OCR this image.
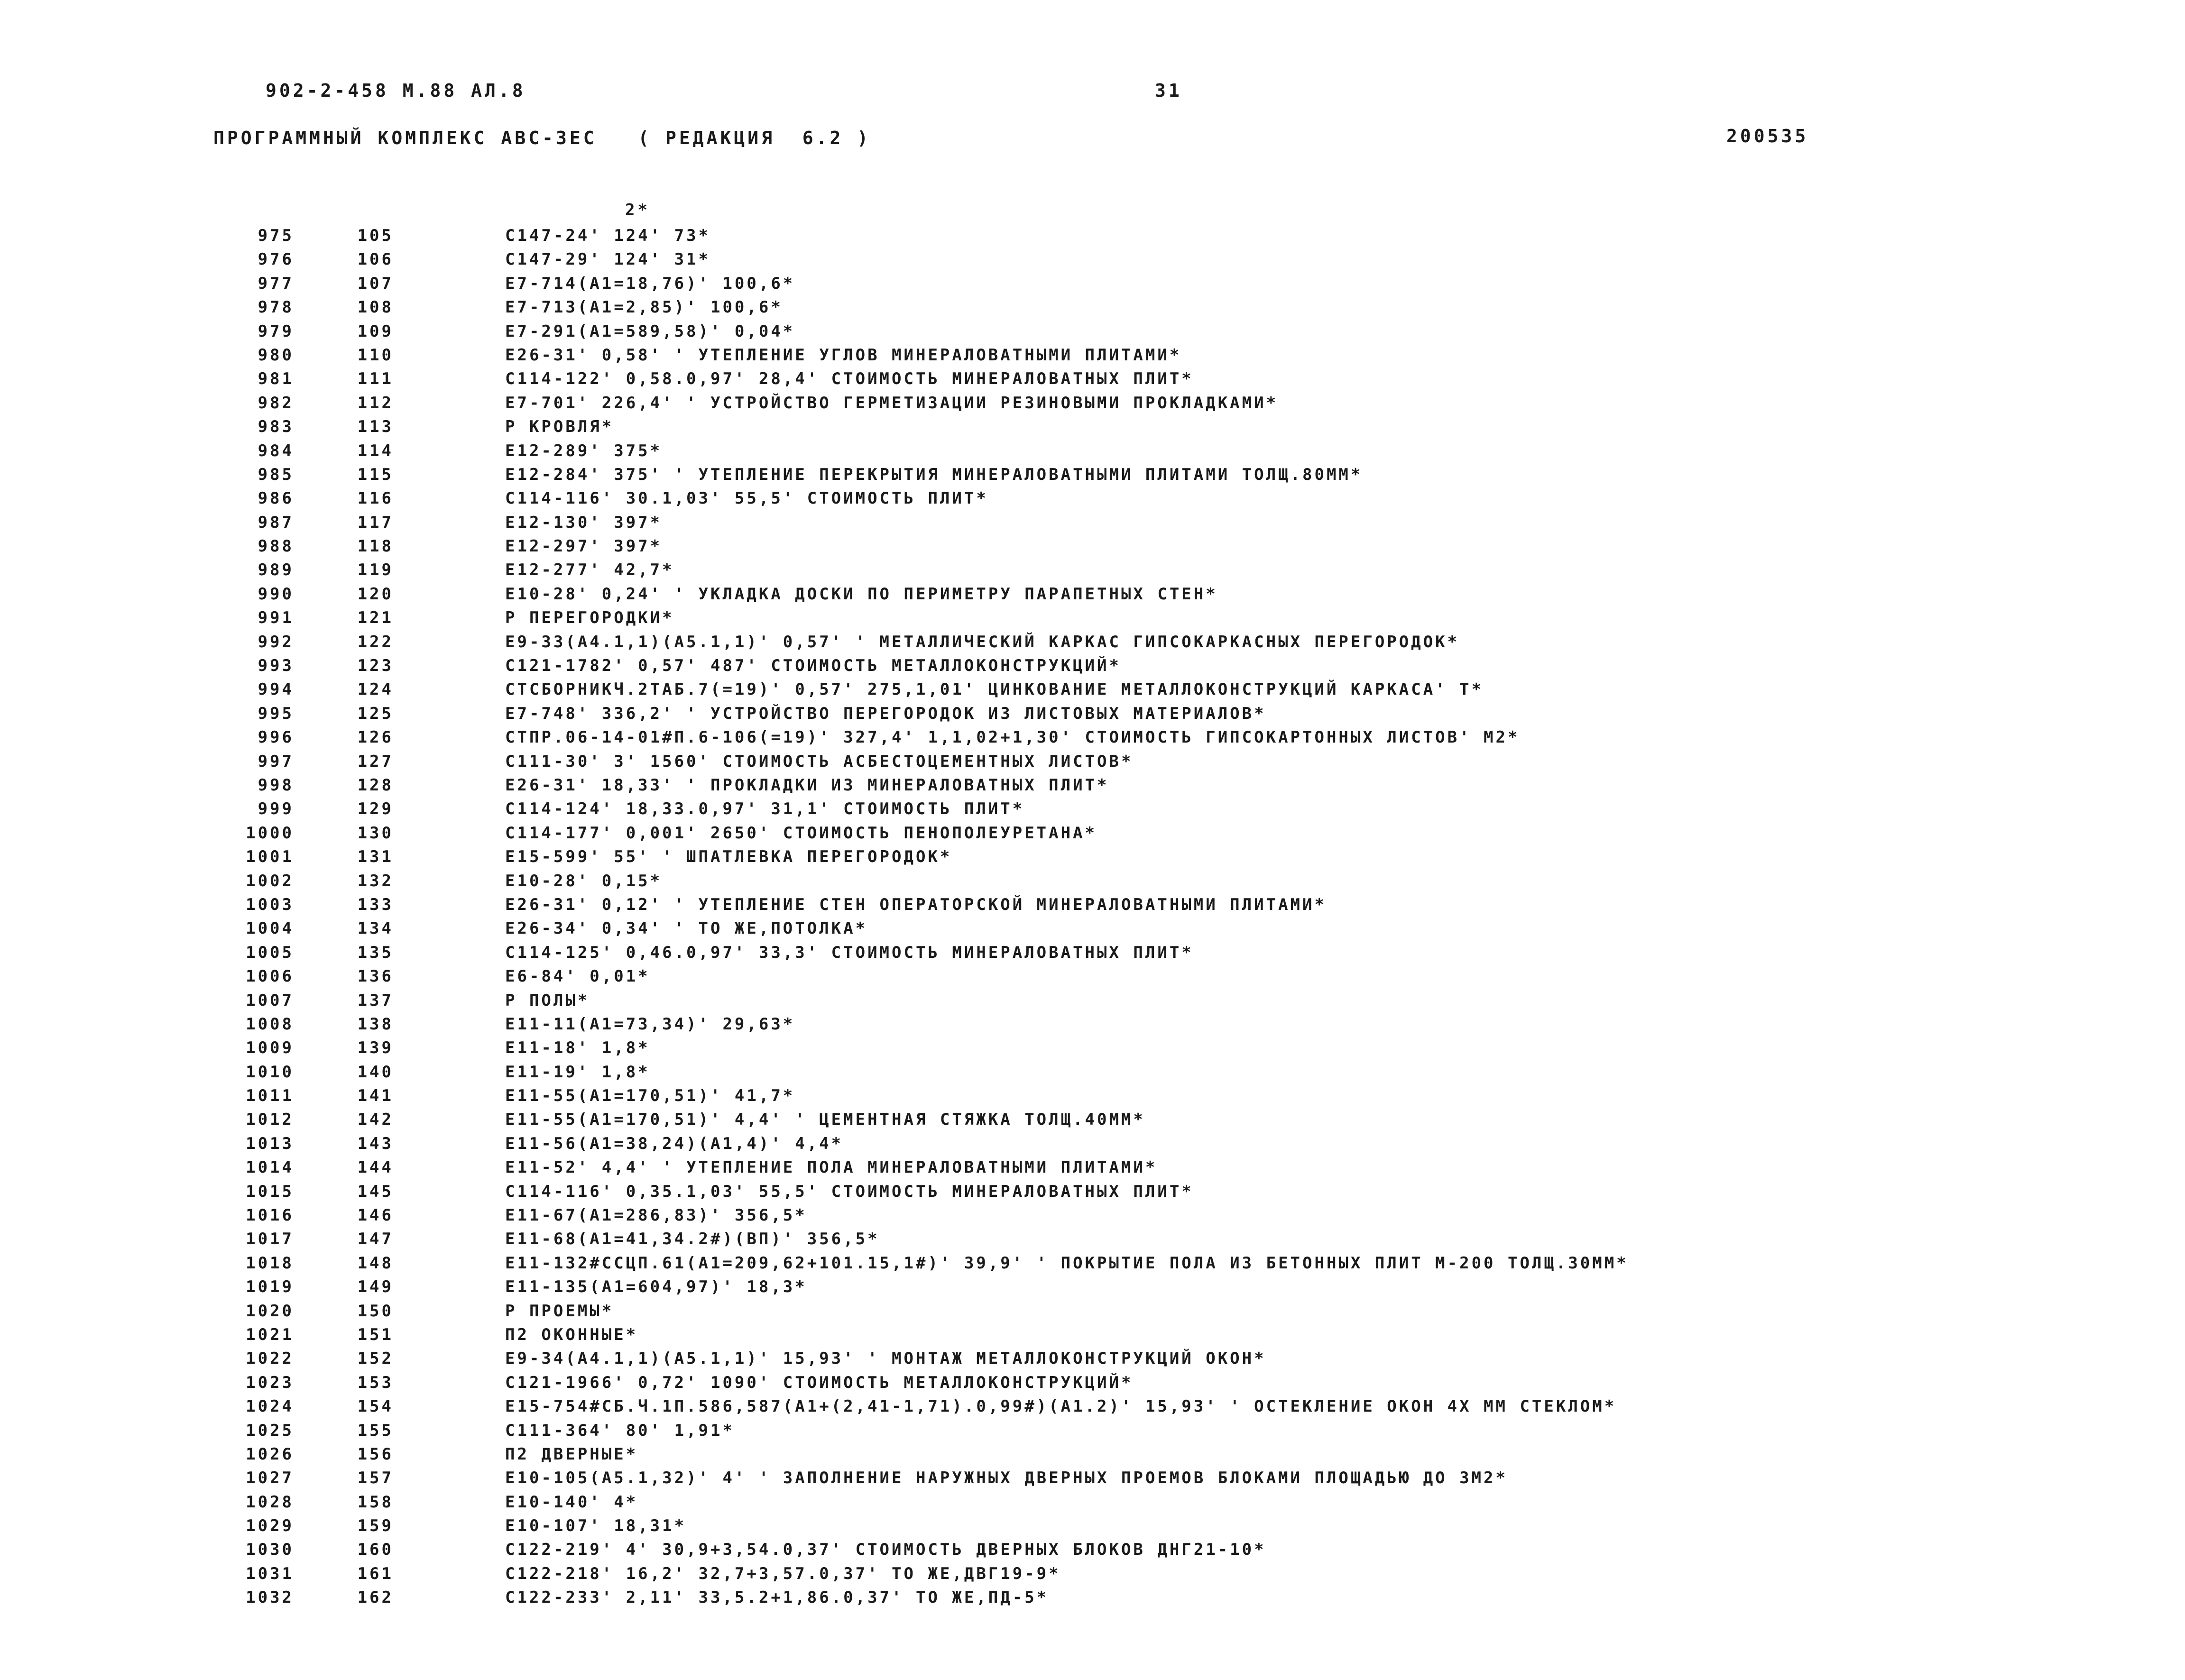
902-2-458 М.88 АЛ.8	31
ПРОГРАММНЫЙ КОМПЛЕКС АВС-3ЕС   ( РЕДАКЦИЯ  6.2 )	200535
2*
975	105	С147-24' 124' 73*
976	106	С147-29' 124' 31*
977	107	Е7-714(А1=18,76)' 100,6*
978	108	Е7-713(А1=2,85)' 100,6*
979	109	Е7-291(А1=589,58)' 0,04*
980	110	Е26-31' 0,58' ' УТЕПЛЕНИЕ УГЛОВ МИНЕРАЛОВАТНЫМИ ПЛИТАМИ*
981	111	С114-122' 0,58.0,97' 28,4' СТОИМОСТЬ МИНЕРАЛОВАТНЫХ ПЛИТ*
982	112	Е7-701' 226,4' ' УСТРОЙСТВО ГЕРМЕТИЗАЦИИ РЕЗИНОВЫМИ ПРОКЛАДКАМИ*
983	113	Р КРОВЛЯ*
984	114	Е12-289' 375*
985	115	Е12-284' 375' ' УТЕПЛЕНИЕ ПЕРЕКРЫТИЯ МИНЕРАЛОВАТНЫМИ ПЛИТАМИ ТОЛЩ.80ММ*
986	116	С114-116' 30.1,03' 55,5' СТОИМОСТЬ ПЛИТ*
987	117	Е12-130' 397*
988	118	Е12-297' 397*
989	119	Е12-277' 42,7*
990	120	Е10-28' 0,24' ' УКЛАДКА ДОСКИ ПО ПЕРИМЕТРУ ПАРАПЕТНЫХ СТЕН*
991	121	Р ПЕРЕГОРОДКИ*
992	122	Е9-33(А4.1,1)(А5.1,1)' 0,57' ' МЕТАЛЛИЧЕСКИЙ КАРКАС ГИПСОКАРКАСНЫХ ПЕРЕГОРОДОК*
993	123	С121-1782' 0,57' 487' СТОИМОСТЬ МЕТАЛЛОКОНСТРУКЦИЙ*
994	124	СТСБОРНИКЧ.2ТАБ.7(=19)' 0,57' 275,1,01' ЦИНКОВАНИЕ МЕТАЛЛОКОНСТРУКЦИЙ КАРКАСА' Т*
995	125	Е7-748' 336,2' ' УСТРОЙСТВО ПЕРЕГОРОДОК ИЗ ЛИСТОВЫХ МАТЕРИАЛОВ*
996	126	СТПР.06-14-01#П.6-106(=19)' 327,4' 1,1,02+1,30' СТОИМОСТЬ ГИПСОКАРТОННЫХ ЛИСТОВ' М2*
997	127	С111-30' 3' 1560' СТОИМОСТЬ АСБЕСТОЦЕМЕНТНЫХ ЛИСТОВ*
998	128	Е26-31' 18,33' ' ПРОКЛАДКИ ИЗ МИНЕРАЛОВАТНЫХ ПЛИТ*
999	129	С114-124' 18,33.0,97' 31,1' СТОИМОСТЬ ПЛИТ*
1000	130	С114-177' 0,001' 2650' СТОИМОСТЬ ПЕНОПОЛЕУРЕТАНА*
1001	131	Е15-599' 55' ' ШПАТЛЕВКА ПЕРЕГОРОДОК*
1002	132	Е10-28' 0,15*
1003	133	Е26-31' 0,12' ' УТЕПЛЕНИЕ СТЕН ОПЕРАТОРСКОЙ МИНЕРАЛОВАТНЫМИ ПЛИТАМИ*
1004	134	Е26-34' 0,34' ' ТО ЖЕ,ПОТОЛКА*
1005	135	С114-125' 0,46.0,97' 33,3' СТОИМОСТЬ МИНЕРАЛОВАТНЫХ ПЛИТ*
1006	136	Е6-84' 0,01*
1007	137	Р ПОЛЫ*
1008	138	Е11-11(А1=73,34)' 29,63*
1009	139	Е11-18' 1,8*
1010	140	Е11-19' 1,8*
1011	141	Е11-55(А1=170,51)' 41,7*
1012	142	Е11-55(А1=170,51)' 4,4' ' ЦЕМЕНТНАЯ СТЯЖКА ТОЛЩ.40ММ*
1013	143	Е11-56(А1=38,24)(А1,4)' 4,4*
1014	144	Е11-52' 4,4' ' УТЕПЛЕНИЕ ПОЛА МИНЕРАЛОВАТНЫМИ ПЛИТАМИ*
1015	145	С114-116' 0,35.1,03' 55,5' СТОИМОСТЬ МИНЕРАЛОВАТНЫХ ПЛИТ*
1016	146	Е11-67(А1=286,83)' 356,5*
1017	147	Е11-68(А1=41,34.2#)(ВП)' 356,5*
1018	148	Е11-132#ССЦП.61(А1=209,62+101.15,1#)' 39,9' ' ПОКРЫТИЕ ПОЛА ИЗ БЕТОННЫХ ПЛИТ М-200 ТОЛЩ.30ММ*
1019	149	Е11-135(А1=604,97)' 18,3*
1020	150	Р ПРОЕМЫ*
1021	151	П2 ОКОННЫЕ*
1022	152	Е9-34(А4.1,1)(А5.1,1)' 15,93' ' МОНТАЖ МЕТАЛЛОКОНСТРУКЦИЙ ОКОН*
1023	153	С121-1966' 0,72' 1090' СТОИМОСТЬ МЕТАЛЛОКОНСТРУКЦИЙ*
1024	154	Е15-754#СБ.Ч.1П.586,587(А1+(2,41-1,71).0,99#)(А1.2)' 15,93' ' ОСТЕКЛЕНИЕ ОКОН 4Х ММ СТЕКЛОМ*
1025	155	С111-364' 80' 1,91*
1026	156	П2 ДВЕРНЫЕ*
1027	157	Е10-105(А5.1,32)' 4' ' ЗАПОЛНЕНИЕ НАРУЖНЫХ ДВЕРНЫХ ПРОЕМОВ БЛОКАМИ ПЛОЩАДЬЮ ДО 3М2*
1028	158	Е10-140' 4*
1029	159	Е10-107' 18,31*
1030	160	С122-219' 4' 30,9+3,54.0,37' СТОИМОСТЬ ДВЕРНЫХ БЛОКОВ ДНГ21-10*
1031	161	С122-218' 16,2' 32,7+3,57.0,37' ТО ЖЕ,ДВГ19-9*
1032	162	С122-233' 2,11' 33,5.2+1,86.0,37' ТО ЖЕ,ПД-5*
